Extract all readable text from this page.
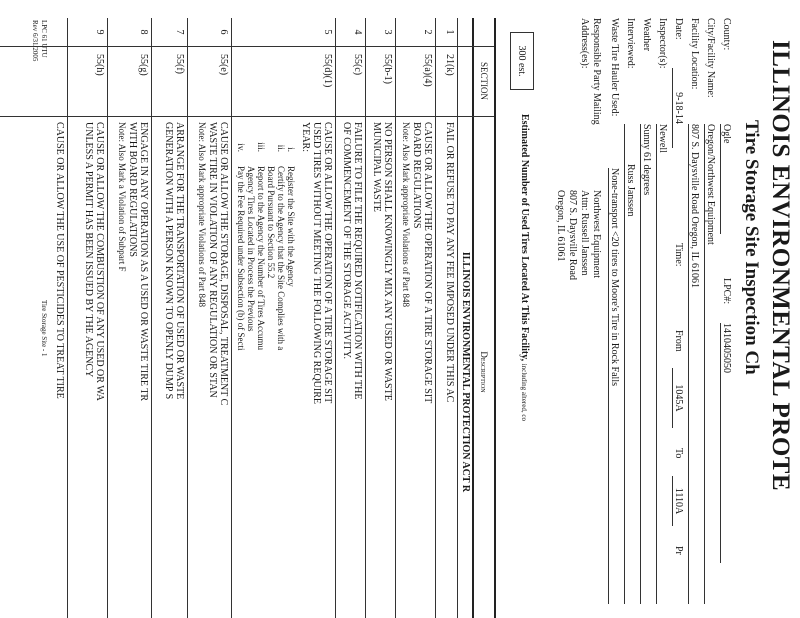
ILLINOIS ENVIRONMENTAL PROTE
Tire Storage Site Inspection Ch
County:
Ogle
LPC#:
1410405050
City/Facility Name:
Oregon/Northwest Equipment
Facility Location:
807 S. Daysville Road Oregon, IL 61061
Date:
9-18-14
Time:
From
1045A
To
1110A
Pr
Inspector(s):
Newell
Weather
Sunny 61 degrees
Interviewed:
Russ Janssen
Waste Tire Hauler Used:
None-transport <20 tires to Moore's Tire in Rock Falls
Responsible Party Mailing
Address(es):
Northwest Equipment
Attn: Russell Janssen
807 S. Daysville Road
Oregon, IL 61061
300 est.
Estimated Number of Used Tires Located At This Facility, including altered, co
SECTION
Description
ILLINOIS ENVIRONMENTAL PROTECTION ACT R
1
21(k)
FAIL OR REFUSE TO PAY ANY FEE IMPOSED UNDER THIS AC
2
55(a)(4)
CAUSE OR ALLOW THE OPERATION OF A TIRE STORAGE SIT
BOARD REGULATIONS
Note: Also Mark appropriate Violations of Part 848
3
55(b-1)
NO PERSON SHALL KNOWINGLY MIX ANY USED OR WASTE
MUNICIPAL WASTE
4
55(c)
FAILURE TO FILE THE REQUIRED NOTIFICATION WITH THE
OF COMMENCEMENT OF THE STORAGE ACTIVITY.
5
55(d)(1)
CAUSE OR ALLOW THE OPERATION OF A TIRE STORAGE SIT
USED TIRES WITHOUT MEETING THE FOLLOWING REQUIRE
YEAR:
i.Register the Site with the Agency
ii.Certify to the Agency that the Site Complies with a
Board Pursuant to Section 55.2
iii.Report to the Agency the Number of Tires Accumu
Agency Tires Located in Process the Previous
iv.Pay the Fee Required under Subsection (b) of Secti
6
55(e)
CAUSE OR ALLOW THE STORAGE, DISPOSAL, TREATMENT C
WASTE TIRE IN VIOLATION OF ANY REGULATION OR STAN
Note: Also Mark appropriate Violations of Part 848
7
55(f)
ARRANGE FOR THE TRANSPORTATION OF USED OR WASTE
GENERATION WITH A PERSON KNOWN TO OPENLY DUMP S
8
55(g)
ENGAGE IN ANY OPERATION AS A USED OR WASTE TIRE TR
WITH BOARD REGULATIONS
Note: Also Mark a Violation of Subpart F
9
55(h)
CAUSE OR ALLOW THE COMBUSTION OF ANY USED OR WA
UNLESS A PERMIT HAS BEEN ISSUED BY THE AGENCY
CAUSE OR ALLOW THE USE OF PESTICIDES TO TREAT TIRE
LPC 61 UTU
Rev 6/31/2005
Tire Storage Site - 1
